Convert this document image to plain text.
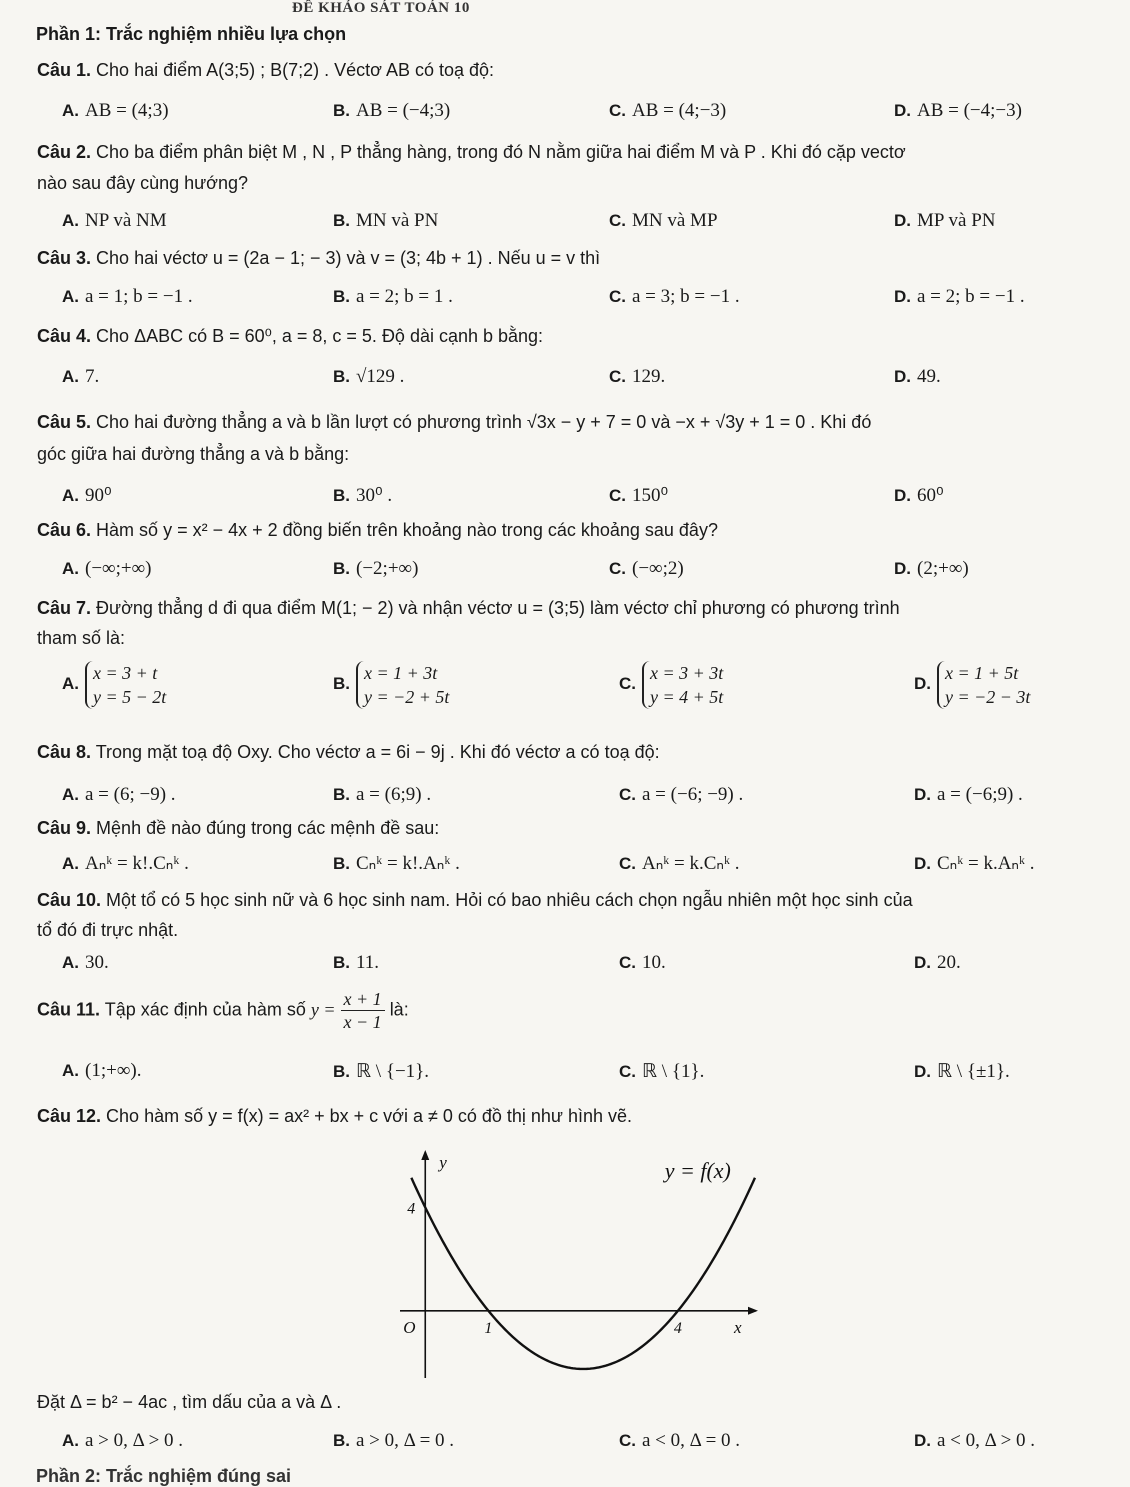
ĐỀ KHẢO SÁT TOÁN 10
Phần 1: Trắc nghiệm nhiều lựa chọn
Câu 1. Cho hai điểm A(3;5) ; B(7;2) . Véctơ AB có toạ độ:
A. AB = (4;3)	B. AB = (−4;3)	C. AB = (4;−3)	D. AB = (−4;−3)
Câu 2. Cho ba điểm phân biệt M , N , P thẳng hàng, trong đó N nằm giữa hai điểm M và P . Khi đó cặp vectơ
nào sau đây cùng hướng?
A. NP và NM	B. MN và PN	C. MN và MP	D. MP và PN
Câu 3. Cho hai véctơ u = (2a − 1; − 3) và v = (3; 4b + 1) . Nếu u = v thì
A. a = 1; b = −1 .	B. a = 2; b = 1 .	C. a = 3; b = −1 .	D. a = 2; b = −1 .
Câu 4. Cho ΔABC có B = 60⁰, a = 8, c = 5. Độ dài cạnh b bằng:
A. 7.	B. √129 .	C. 129.	D. 49.
Câu 5. Cho hai đường thẳng a và b lần lượt có phương trình √3x − y + 7 = 0 và −x + √3y + 1 = 0 . Khi đó
góc giữa hai đường thẳng a và b bằng:
A. 90⁰	B. 30⁰ .	C. 150⁰	D. 60⁰
Câu 6. Hàm số y = x² − 4x + 2 đồng biến trên khoảng nào trong các khoảng sau đây?
A. (−∞;+∞)	B. (−2;+∞)	C. (−∞;2)	D. (2;+∞)
Câu 7. Đường thẳng d đi qua điểm M(1; − 2) và nhận véctơ u = (3;5) làm véctơ chỉ phương có phương trình
tham số là:
A.
x = 3 + t
y = 5 − 2t
B.
x = 1 + 3t
y = −2 + 5t
C.
x = 3 + 3t
y = 4 + 5t
D.
x = 1 + 5t
y = −2 − 3t
Câu 8. Trong mặt toạ độ Oxy. Cho véctơ a = 6i − 9j . Khi đó véctơ a có toạ độ:
A. a = (6; −9) .	B. a = (6;9) .	C. a = (−6; −9) .	D. a = (−6;9) .
Câu 9. Mệnh đề nào đúng trong các mệnh đề sau:
A. Aₙᵏ = k!.Cₙᵏ .	B. Cₙᵏ = k!.Aₙᵏ .	C. Aₙᵏ = k.Cₙᵏ .	D. Cₙᵏ = k.Aₙᵏ .
Câu 10. Một tổ có 5 học sinh nữ và 6 học sinh nam. Hỏi có bao nhiêu cách chọn ngẫu nhiên một học sinh của
tổ đó đi trực nhật.
A. 30.	B. 11.	C. 10.	D. 20.
Câu 11. Tập xác định của hàm số $y = \frac{x + 1}{x - 1}$ là:
A. (1;+∞).	B. ℝ \ {−1}.	C. ℝ \ {1}.	D. ℝ \ {±1}.
Câu 12. Cho hàm số y = f(x) = ax² + bx + c với a ≠ 0 có đồ thị như hình vẽ.
y
x
O	1	4
4
y = f(x)
Đặt Δ = b² − 4ac , tìm dấu của a và Δ .
A. a > 0, Δ > 0 .	B. a > 0, Δ = 0 .	C. a < 0, Δ = 0 .	D. a < 0, Δ > 0 .
Phần 2: Trắc nghiệm đúng sai
